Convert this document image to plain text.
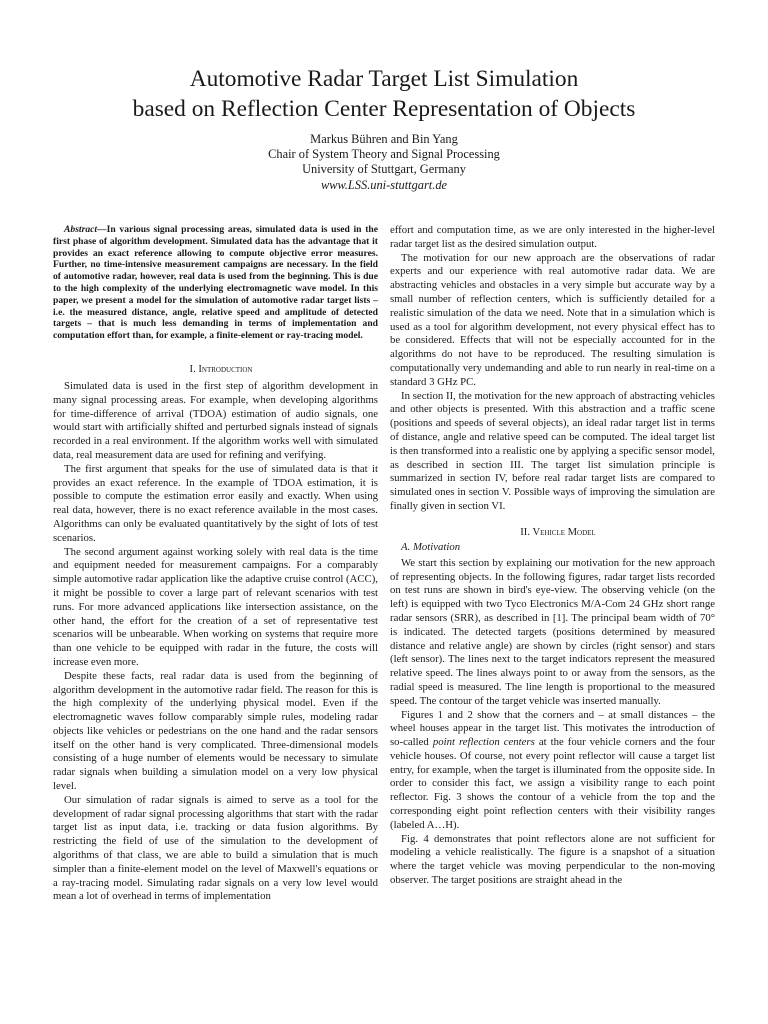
Automotive Radar Target List Simulation
based on Reflection Center Representation of Objects
Markus Bühren and Bin Yang
Chair of System Theory and Signal Processing
University of Stuttgart, Germany
www.LSS.uni-stuttgart.de

Abstract—In various signal processing areas, simulated data is used in the first phase of algorithm development. Simulated data has the advantage that it provides an exact reference allowing to compute objective error measures. Further, no time-intensive measurement campaigns are necessary. In the field of automotive radar, however, real data is used from the beginning. This is due to the high complexity of the underlying electromagnetic wave model. In this paper, we present a model for the simulation of automotive radar target lists – i.e. the measured distance, angle, relative speed and amplitude of detected targets – that is much less demanding in terms of implementation and computation effort than, for example, a finite-element or ray-tracing model.

I. Introduction

Simulated data is used in the first step of algorithm development in many signal processing areas. For example, when developing algorithms for time-difference of arrival (TDOA) estimation of audio signals, one would start with artificially shifted and perturbed signals instead of signals recorded in a real environment. If the algorithm works well with simulated data, real measurement data are used for refining and verifying.

The first argument that speaks for the use of simulated data is that it provides an exact reference. In the example of TDOA estimation, it is possible to compute the estimation error easily and exactly. When using real data, however, there is no exact reference available in the most cases. Algorithms can only be evaluated quantitatively by the sight of lots of test scenarios.

The second argument against working solely with real data is the time and equipment needed for measurement campaigns. For a comparably simple automotive radar application like the adaptive cruise control (ACC), it might be possible to cover a large part of relevant scenarios with test runs. For more advanced applications like intersection assistance, on the other hand, the effort for the creation of a set of representative test scenarios will be unbearable. When working on systems that require more than one vehicle to be equipped with radar in the future, the costs will increase even more.

Despite these facts, real radar data is used from the beginning of algorithm development in the automotive radar field. The reason for this is the high complexity of the underlying physical model. Even if the electromagnetic waves follow comparably simple rules, modeling radar objects like vehicles or pedestrians on the one hand and the radar sensors itself on the other hand is very complicated. Three-dimensional models consisting of a huge number of elements would be necessary to simulate radar signals when building a simulation model on a very low physical level.

Our simulation of radar signals is aimed to serve as a tool for the development of radar signal processing algorithms that start with the radar target list as input data, i.e. tracking or data fusion algorithms. By restricting the field of use of the simulation to the development of algorithms of that class, we are able to build a simulation that is much simpler than a finite-element model on the level of Maxwell's equations or a ray-tracing model. Simulating radar signals on a very low level would mean a lot of overhead in terms of implementation

effort and computation time, as we are only interested in the higher-level radar target list as the desired simulation output.

The motivation for our new approach are the observations of radar experts and our experience with real automotive radar data. We are abstracting vehicles and obstacles in a very simple but accurate way by a small number of reflection centers, which is sufficiently detailed for a realistic simulation of the data we need. Note that in a simulation which is used as a tool for algorithm development, not every physical effect has to be considered. Effects that will not be especially accounted for in the algorithms do not have to be reproduced. The resulting simulation is computationally very undemanding and able to run nearly in real-time on a standard 3 GHz PC.

In section II, the motivation for the new approach of abstracting vehicles and other objects is presented. With this abstraction and a traffic scene (positions and speeds of several objects), an ideal radar target list in terms of distance, angle and relative speed can be computed. The ideal target list is then transformed into a realistic one by applying a specific sensor model, as described in section III. The target list simulation principle is summarized in section IV, before real radar target lists are compared to simulated ones in section V. Possible ways of improving the simulation are finally given in section VI.

II. Vehicle Model

A. Motivation

We start this section by explaining our motivation for the new approach of representing objects. In the following figures, radar target lists recorded on test runs are shown in bird's eye-view. The observing vehicle (on the left) is equipped with two Tyco Electronics M/A-Com 24 GHz short range radar sensors (SRR), as described in [1]. The principal beam width of 70° is indicated. The detected targets (positions determined by measured distance and relative angle) are shown by circles (right sensor) and stars (left sensor). The lines next to the target indicators represent the measured relative speed. The lines always point to or away from the sensors, as the radial speed is measured. The line length is proportional to the measured speed. The contour of the target vehicle was inserted manually.

Figures 1 and 2 show that the corners and – at small distances – the wheel houses appear in the target list. This motivates the introduction of so-called point reflection centers at the four vehicle corners and the four vehicle houses. Of course, not every point reflector will cause a target list entry, for example, when the target is illuminated from the opposite side. In order to consider this fact, we assign a visibility range to each point reflector. Fig. 3 shows the contour of a vehicle from the top and the corresponding eight point reflection centers with their visibility ranges (labeled A…H).

Fig. 4 demonstrates that point reflectors alone are not sufficient for modeling a vehicle realistically. The figure is a snapshot of a situation where the target vehicle was moving perpendicular to the non-moving observer. The target positions are straight ahead in the
